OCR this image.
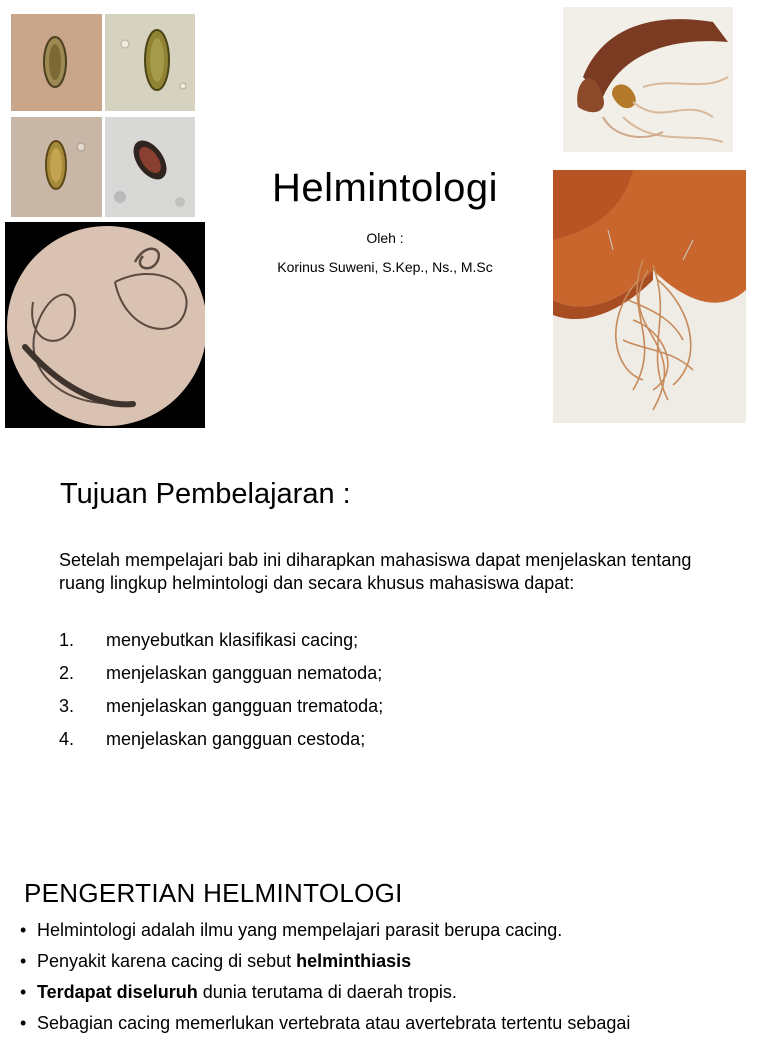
Helmintologi
Oleh :
Korinus Suweni, S.Kep., Ns., M.Sc
Tujuan Pembelajaran :
Setelah mempelajari bab ini diharapkan mahasiswa dapat menjelaskan tentang ruang lingkup helmintologi dan secara khusus mahasiswa dapat:
1. menyebutkan klasifikasi cacing;
2. menjelaskan gangguan nematoda;
3. menjelaskan gangguan trematoda;
4. menjelaskan gangguan cestoda;
PENGERTIAN HELMINTOLOGI
• Helmintologi adalah ilmu yang mempelajari parasit berupa cacing.
• Penyakit karena cacing di sebut helminthiasis
• Terdapat diseluruh dunia terutama di daerah tropis.
• Sebagian cacing memerlukan vertebrata atau avertebrata tertentu sebagai
